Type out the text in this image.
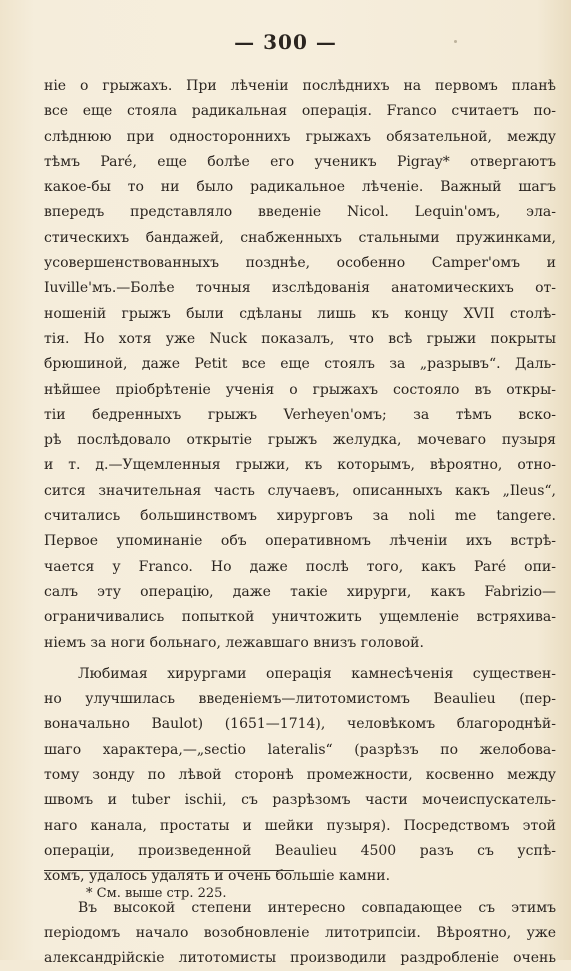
— 300 —
ніе о грыжахъ. При лѣченіи послѣднихъ на первомъ планѣ
все еще стояла радикальная операція. Franco считаетъ по-
слѣднюю при одностороннихъ грыжахъ обязательной, между
тѣмъ Paré, еще болѣе его ученикъ Pigray* отвергаютъ
какое-бы то ни было радикальное лѣченіе. Важный шагъ
впередъ представляло введеніе Nicol. Lequin'омъ, эла-
стическихъ бандажей, снабженныхъ стальными пружинками,
усовершенствованныхъ позднѣе, особенно Camper'омъ и
Iuville'мъ.—Болѣе точныя изслѣдованія анатомическихъ от-
ношеній грыжъ были сдѣланы лишь къ концу XVII столѣ-
тія. Но хотя уже Nuck показалъ, что всѣ грыжи покрыты
брюшиной, даже Petit все еще стоялъ за „разрывъ“. Даль-
нѣйшее пріобрѣтеніе ученія о грыжахъ состояло въ откры-
тіи бедренныхъ грыжъ Verheyen'омъ; за тѣмъ вско-
рѣ послѣдовало открытіе грыжъ желудка, мочеваго пузыря
и т. д.—Ущемленныя грыжи, къ которымъ, вѣроятно, отно-
сится значительная часть случаевъ, описанныхъ какъ „Ileus“,
считались большинствомъ хирурговъ за noli me tangere.
Первое упоминаніе объ оперативномъ лѣченіи ихъ встрѣ-
чается у Franco. Но даже послѣ того, какъ Paré опи-
салъ эту операцію, даже такіе хирурги, какъ Fabrizio—
ограничивались попыткой уничтожить ущемленіе встряхива-
ніемъ за ноги больнаго, лежавшаго внизъ головой.
Любимая хирургами операція камнесѣченія существен-
но улучшилась введеніемъ—литотомистомъ Beaulieu (пер-
воначально Baulot) (1651—1714), человѣкомъ благороднѣй-
шаго характера,—„sectio lateralis“ (разрѣзъ по желобова-
тому зонду по лѣвой сторонѣ промежности, косвенно между
швомъ и tuber ischii, съ разрѣзомъ части мочеиспускатель-
наго канала, простаты и шейки пузыря). Посредствомъ этой
операціи, произведенной Beaulieu 4500 разъ съ успѣ-
хомъ, удалось удалять и очень большіе камни.
Въ высокой степени интересно совпадающее съ этимъ
періодомъ начало возобновленіе литотрипсіи. Вѣроятно, уже
александрійскіе литотомисты производили раздробленіе очень
* См. выше стр. 225.
